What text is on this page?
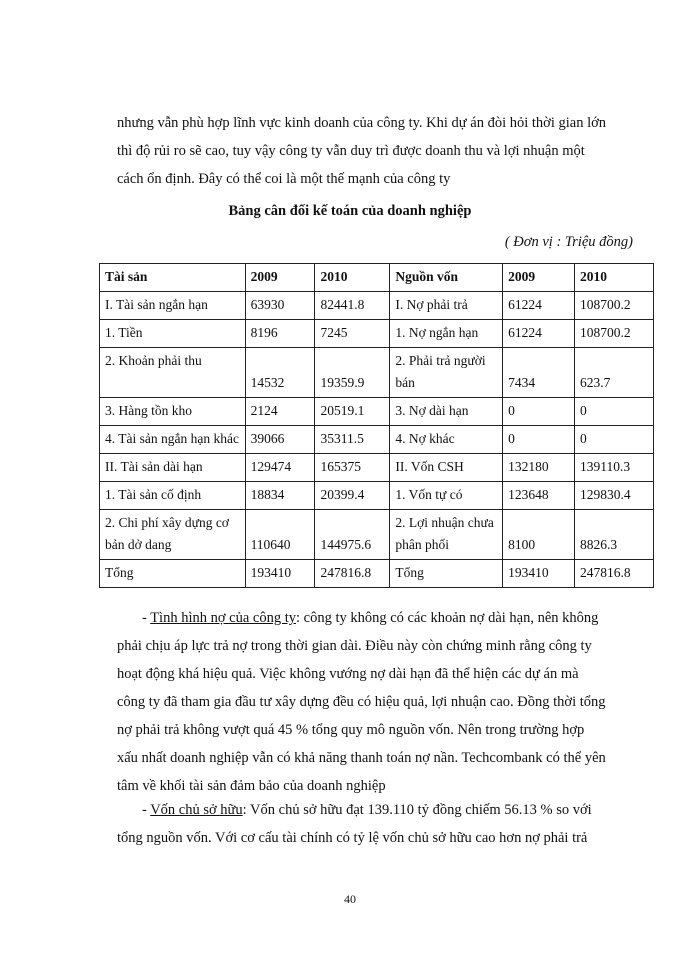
nhưng vẫn phù hợp lĩnh vực kinh doanh của công ty. Khi dự án đòi hỏi thời gian lớn
thì độ rủi ro sẽ cao, tuy vậy công ty vẫn duy trì được doanh thu và lợi nhuận một
cách ổn định. Đây có thể coi là một thế mạnh của công ty

Bảng cân đối kế toán của doanh nghiệp

( Đơn vị : Triệu đồng)

Tài sản	2009	2010	Nguồn vốn	2009	2010
I. Tài sản ngắn hạn	63930	82441.8	I. Nợ phải trả	61224	108700.2
1. Tiền	8196	7245	1. Nợ ngắn hạn	61224	108700.2
2. Khoản phải thu	14532	19359.9	2. Phải trả người bán	7434	623.7
3. Hàng tồn kho	2124	20519.1	3. Nợ dài hạn	0	0
4. Tài sản ngắn hạn khác	39066	35311.5	4. Nợ khác	0	0
II. Tài sản dài hạn	129474	165375	II. Vốn CSH	132180	139110.3
1. Tài sản cố định	18834	20399.4	1. Vốn tự có	123648	129830.4
2. Chi phí xây dựng cơ bản dở dang	110640	144975.6	2. Lợi nhuận chưa phân phối	8100	8826.3
Tổng	193410	247816.8	Tổng	193410	247816.8
- Tình hình nợ của công ty: công ty không có các khoản nợ dài hạn, nên không
phải chịu áp lực trả nợ trong thời gian dài. Điều này còn chứng minh rằng công ty
hoạt động khá hiệu quả. Việc không vướng nợ dài hạn đã thể hiện các dự án mà
công ty đã tham gia đầu tư xây dựng đều có hiệu quả, lợi nhuận cao. Đồng thời tổng
nợ phải trả không vượt quá 45 % tổng quy mô nguồn vốn. Nên trong trường hợp
xấu nhất doanh nghiệp vẫn có khả năng thanh toán nợ nần. Techcombank có thể yên
tâm về khối tài sản đảm bảo của doanh nghiệp
- Vốn chủ sở hữu: Vốn chủ sở hữu đạt 139.110 tỷ đồng chiếm 56.13 % so với
tổng nguồn vốn. Với cơ cấu tài chính có tỷ lệ vốn chủ sở hữu cao hơn nợ phải trả

40
